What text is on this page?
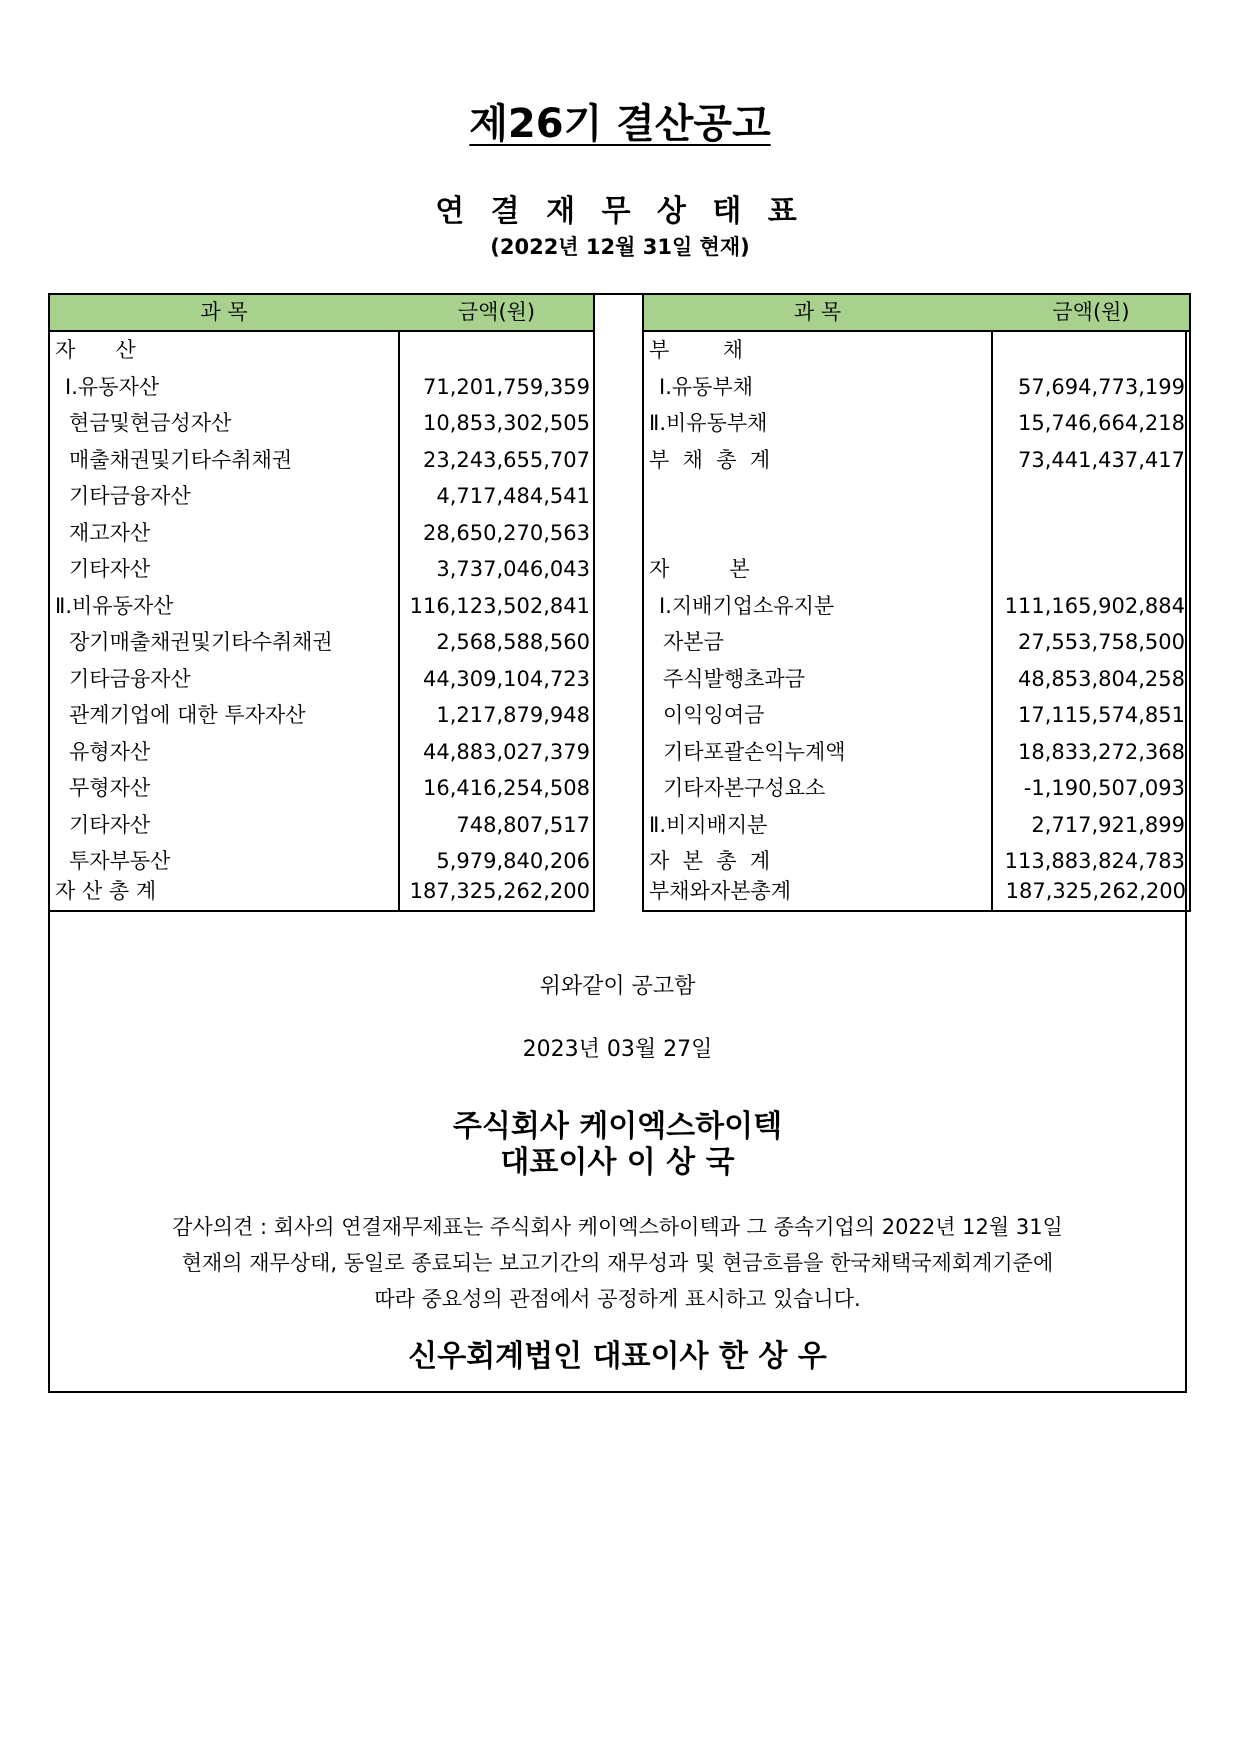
제26기 결산공고
연 결 재 무 상 태 표
(2022년 12월 31일 현재)
과 목	금액(원)
자      산
Ⅰ.유동자산	71,201,759,359
현금및현금성자산	10,853,302,505
매출채권및기타수취채권	23,243,655,707
기타금융자산	4,717,484,541
재고자산	28,650,270,563
기타자산	3,737,046,043
Ⅱ.비유동자산	116,123,502,841
장기매출채권및기타수취채권	2,568,588,560
기타금융자산	44,309,104,723
관계기업에 대한 투자자산	1,217,879,948
유형자산	44,883,027,379
무형자산	16,416,254,508
기타자산	748,807,517
투자부동산	5,979,840,206
자 산 총 계	187,325,262,200
과 목	금액(원)
부        채
Ⅰ.유동부채	57,694,773,199
Ⅱ.비유동부채	15,746,664,218
부  채  총  계	73,441,437,417
자         본
Ⅰ.지배기업소유지분	111,165,902,884
자본금	27,553,758,500
주식발행초과금	48,853,804,258
이익잉여금	17,115,574,851
기타포괄손익누계액	18,833,272,368
기타자본구성요소	-1,190,507,093
Ⅱ.비지배지분	2,717,921,899
자  본  총  계	113,883,824,783
부채와자본총계	187,325,262,200
위와같이 공고함
2023년 03월 27일
주식회사 케이엑스하이텍
대표이사 이 상 국
감사의견 : 회사의 연결재무제표는 주식회사 케이엑스하이텍과 그 종속기업의 2022년 12월 31일
현재의 재무상태, 동일로 종료되는 보고기간의 재무성과 및 현금흐름을 한국채택국제회계기준에
따라 중요성의 관점에서 공정하게 표시하고 있습니다.
신우회계법인 대표이사 한 상 우
